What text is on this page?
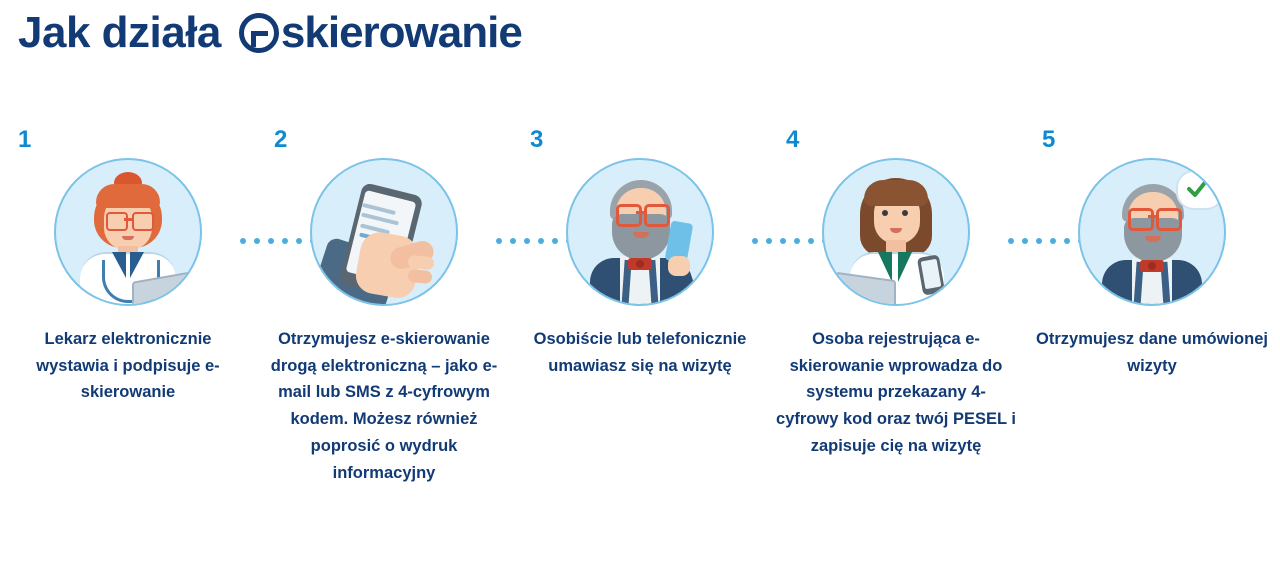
Jak działa skierowanie
1
Lekarz elektronicznie wystawia i podpisuje e-skierowanie
2
Otrzymujesz e-skierowanie drogą elektroniczną – jako e-mail lub SMS z 4-cyfrowym kodem. Możesz również poprosić o wydruk informacyjny
3
Osobiście lub telefonicznie umawiasz się na wizytę
4
Osoba rejestrująca e-skierowanie wprowadza do systemu przekazany 4-cyfrowy kod oraz twój PESEL i zapisuje cię na wizytę
5
Otrzymujesz dane umówionej wizyty
